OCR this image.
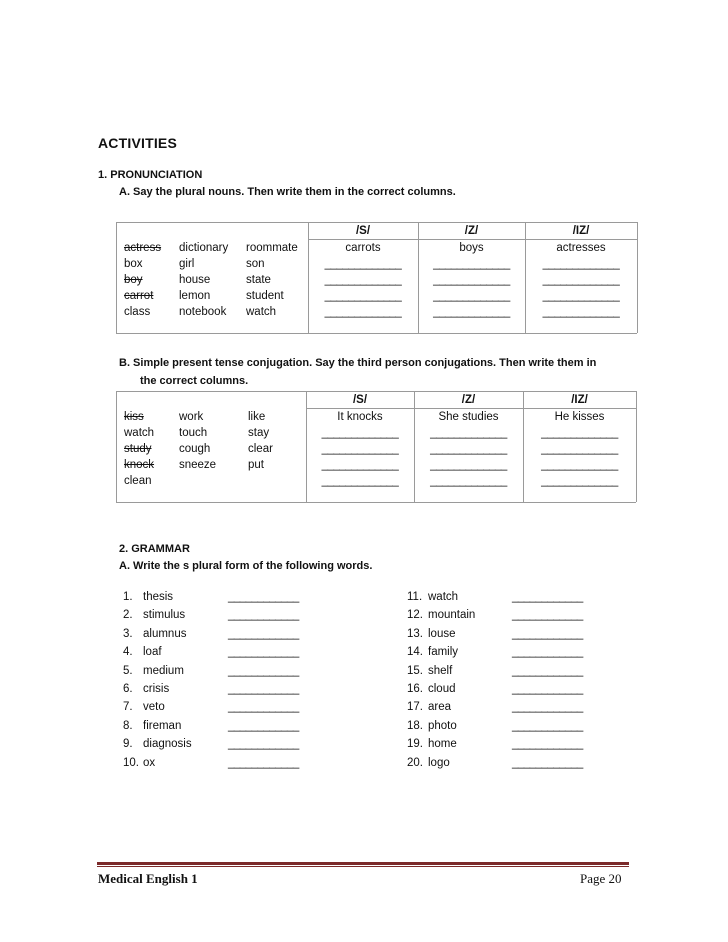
ACTIVITIES
1. PRONUNCIATION
A. Say the plural nouns. Then write them in the correct columns.
/S/	/Z/	/IZ/
carrots	boys	actresses
_____________	_____________	_____________
_____________	_____________	_____________
_____________	_____________	_____________
_____________	_____________	_____________
actress dictionary roommate
box	girl	son
boy	house	state
carrot lemon	student
class	notebook watch
B. Simple present tense conjugation. Say the third person conjugations. Then write them in
the correct columns.
/S/	/Z/	/IZ/
It knocks	She studies	He kisses
_____________	_____________	_____________
_____________	_____________	_____________
_____________	_____________	_____________
_____________	_____________	_____________
kiss	work	like
watch touch	stay
study cough	clear
knock sneeze	put
clean
2. GRAMMAR
A. Write the s plural form of the following words.
1. thesis	____________
2. stimulus	____________
3. alumnus	____________
4. loaf	____________
5. medium	____________
6. crisis	____________
7. veto	____________
8. fireman	____________
9. diagnosis	____________
10. ox	____________
11. watch	____________
12. mountain	____________
13. louse	____________
14. family	____________
15. shelf	____________
16. cloud	____________
17. area	____________
18. photo	____________
19. home	____________
20. logo	____________
Medical English 1	Page 20
